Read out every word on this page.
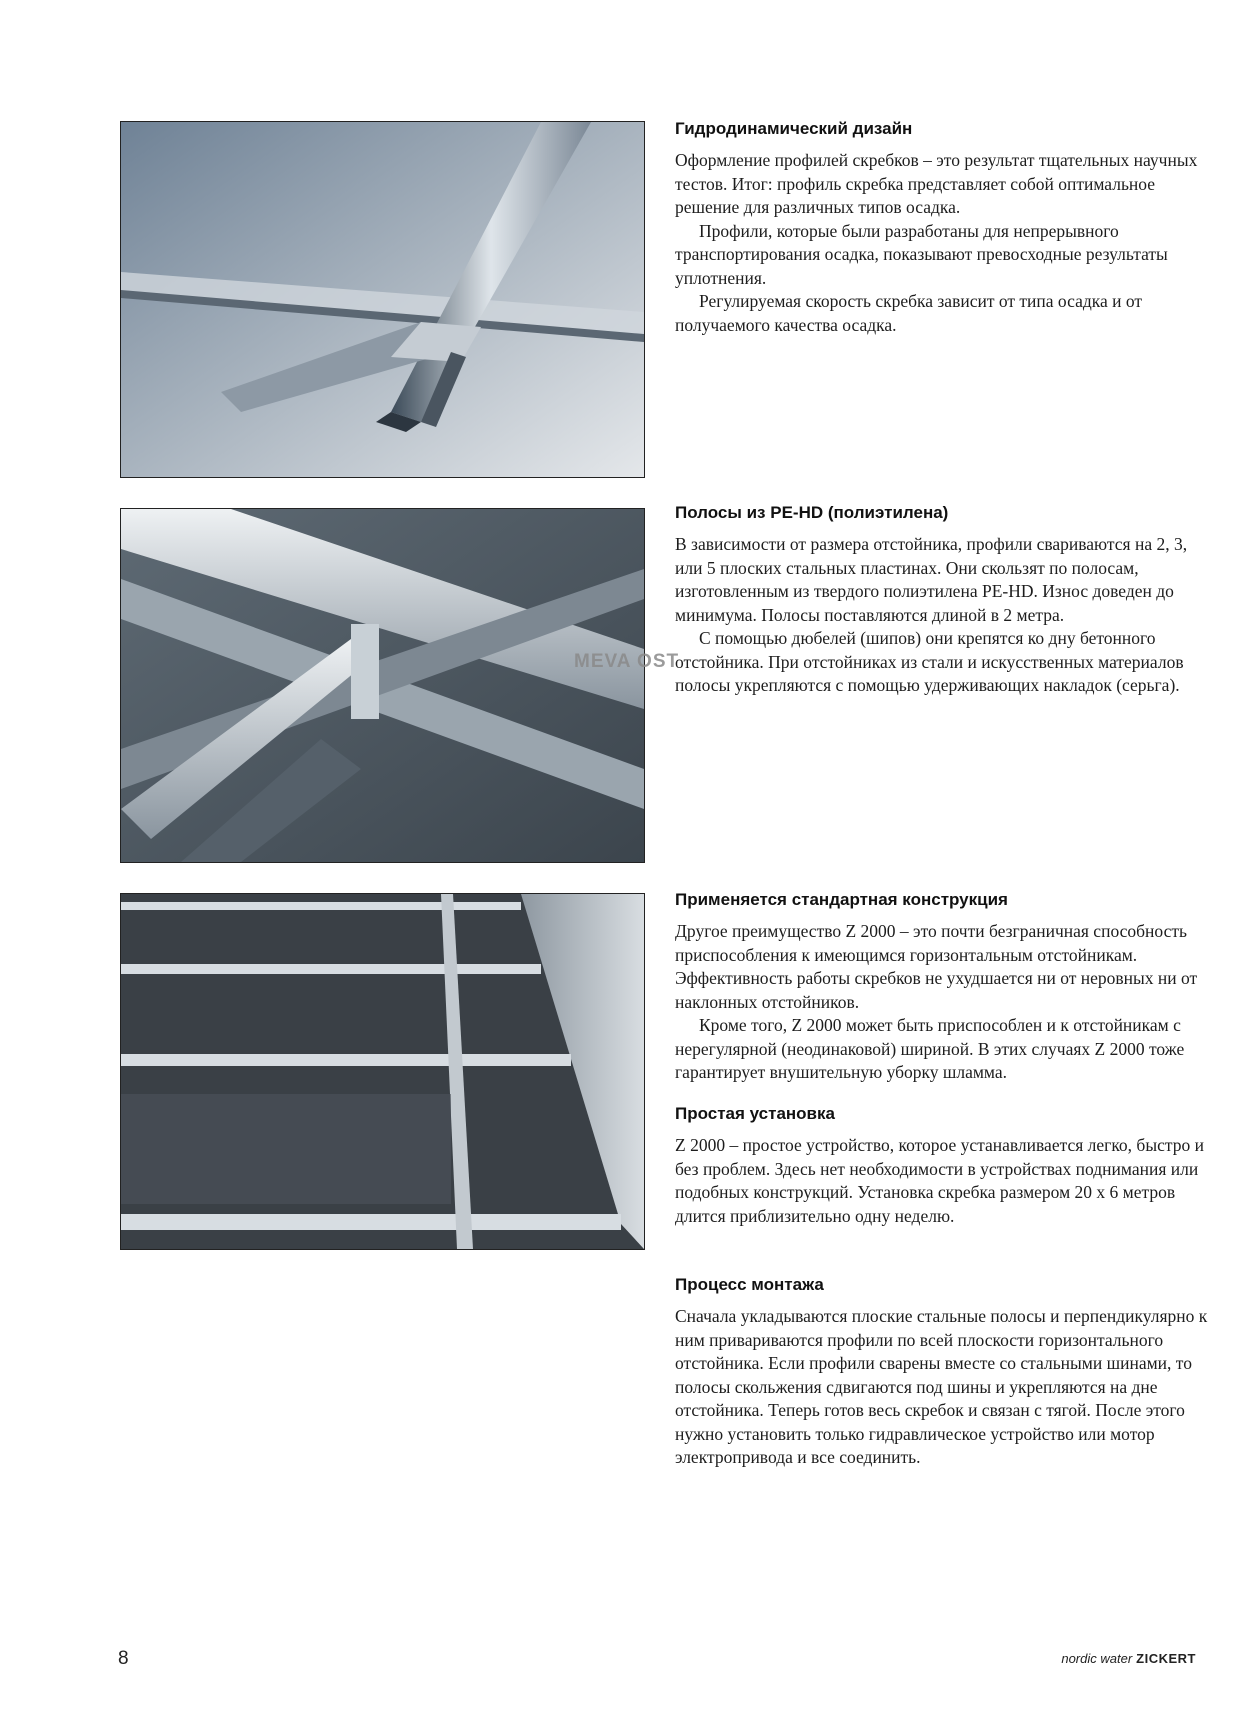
Гидродинамический дизайн

Оформление профилей скребков – это результат тщательных научных тестов. Итог: профиль скребка представляет собой оптимальное решение для различных типов осадка.

Профили, которые были разработаны для непрерывного транспортирования осадка, показывают превосходные результаты уплотнения.

Регулируемая скорость скребка зависит от типа осадка и от получаемого качества осадка.

Полосы из PE-HD (полиэтилена)

В зависимости от размера отстойника, профили свариваются на 2, 3, или 5 плоских стальных пластинах. Они скользят по полосам, изготовленным из твердого полиэтилена PE-HD. Износ доведен до минимума. Полосы поставляются длиной в 2 метра.

С помощью дюбелей (шипов) они крепятся ко дну бетонного отстойника. При отстойниках из стали и искусственных материалов полосы укрепляются с помощью удерживающих накладок (серьга).

Применяется стандартная конструкция

Другое преимущество Z 2000 – это почти безграничная способность приспособления к имеющимся горизонтальным отстойникам. Эффективность работы скребков не ухудшается ни от неровных ни от наклонных отстойников.

Кроме того, Z 2000 может быть приспособлен и к отстойникам с нерегулярной (неодинаковой) шириной. В этих случаях Z 2000 тоже гарантирует внушительную уборку шламма.

Простая установка

Z 2000 – простое устройство, которое устанавливается легко, быстро и без проблем. Здесь нет необходимости в устройствах поднимания или подобных конструкций. Установка скребка размером 20 х 6 метров длится приблизительно одну неделю.

Процесс монтажа

Сначала укладываются плоские стальные полосы и перпендикулярно к ним привариваются профили по всей плоскости горизонтального отстойника. Если профили сварены вместе со стальными шинами, то полосы скольжения сдвигаются под шины и укрепляются на дне отстойника. Теперь готов весь скребок и связан с тягой. После этого нужно установить только гидравлическое устройство или мотор электропривода и все соединить.

MEVA OST
8	nordic water ZICKERT
